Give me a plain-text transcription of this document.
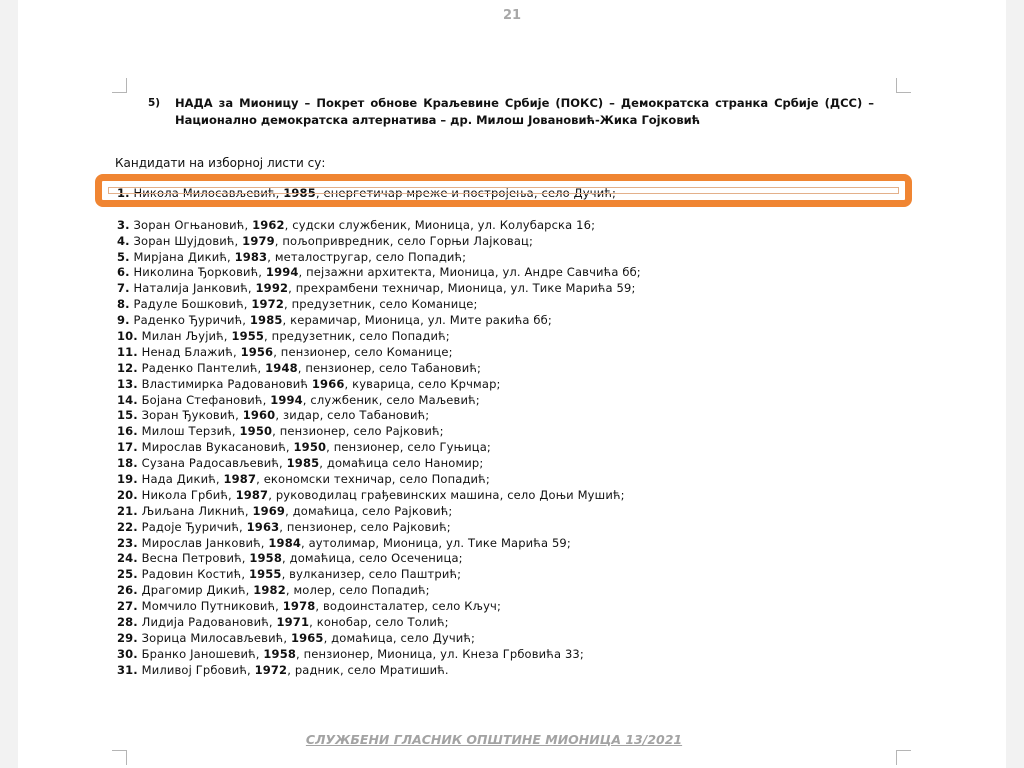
21
5) НАДА за Мионицу – Покрет обнове Краљевине Србије (ПОКС) – Демократска странка Србије (ДСС) – Национално демократска алтернатива – др. Милош Јовановић-Жика Гојковић
Кандидати на изборној листи су:
1. Никола Милосављевић, 1985, енергетичар мреже и постројења, село Дучић;
3. Зоран Огњановић, 1962, судски службеник, Мионица, ул. Колубарска 16;
4. Зоран Шујдовић, 1979, пољопривредник, село Горњи Лајковац;
5. Мирјана Дикић, 1983, металостругар, село Попадић;
6. Николина Ђорковић, 1994, пејзажни архитекта, Мионица, ул. Андре Савчића бб;
7. Наталија Јанковић, 1992, прехрамбени техничар, Мионица, ул. Тике Марића 59;
8. Радуле Бошковић, 1972, предузетник, село Команице;
9. Раденко Ђуричић, 1985, керамичар, Мионица, ул. Мите ракића бб;
10. Милан Љујић, 1955, предузетник, село Попадић;
11. Ненад Блажић, 1956, пензионер, село Команице;
12. Раденко Пантелић, 1948, пензионер, село Табановић;
13. Властимирка Радовановић 1966, куварица, село Крчмар;
14. Бојана Стефановић, 1994, службеник, село Маљевић;
15. Зоран Ђуковић, 1960, зидар, село Табановић;
16. Милош Терзић, 1950, пензионер, село Рајковић;
17. Мирослав Вукасановић, 1950, пензионер, село Гуњица;
18. Сузана Радосављевић, 1985, домаћица село Наномир;
19. Нада Дикић, 1987, економски техничар, село Попадић;
20. Никола Грбић, 1987, руководилац грађевинских машина, село Доњи Мушић;
21. Љиљана Ликнић, 1969, домаћица, село Рајковић;
22. Радоје Ђуричић, 1963, пензионер, село Рајковић;
23. Мирослав Јанковић, 1984, аутолимар, Мионица, ул. Тике Марића 59;
24. Весна Петровић, 1958, домаћица, село Осеченица;
25. Радовин Костић, 1955, вулканизер, село Паштрић;
26. Драгомир Дикић, 1982, молер, село Попадић;
27. Момчило Путниковић, 1978, водоинсталатер, село Кључ;
28. Лидија Радовановић, 1971, конобар, село Толић;
29. Зорица Милосављевић, 1965, домаћица, село Дучић;
30. Бранко Јаношевић, 1958, пензионер, Мионица, ул. Кнеза Грбовића 33;
31. Миливој Грбовић, 1972, радник, село Мратишић.
СЛУЖБЕНИ ГЛАСНИК ОПШТИНЕ МИОНИЦА 13/2021
